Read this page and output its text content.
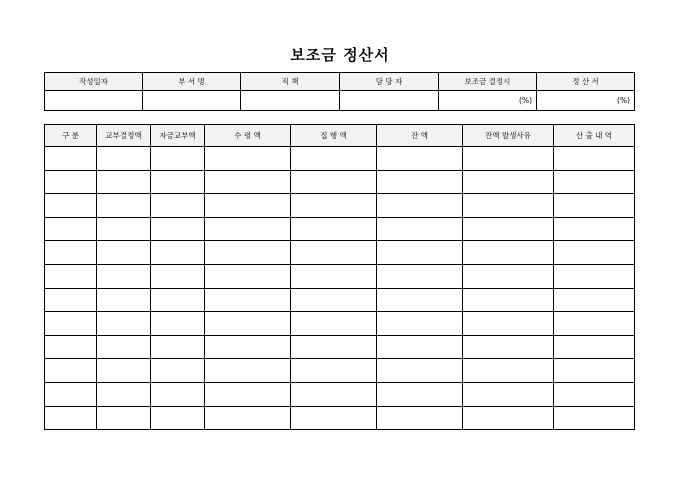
보조금 정산서
작성일자	부 서 명	직 책	담 당 자	보조금 결정시	정 산 서
				(%)	(%)
구 분	교부결정액	자금교부액	수 령 액	집 행 액	잔 액	잔액 발생사유	산 출 내 역
